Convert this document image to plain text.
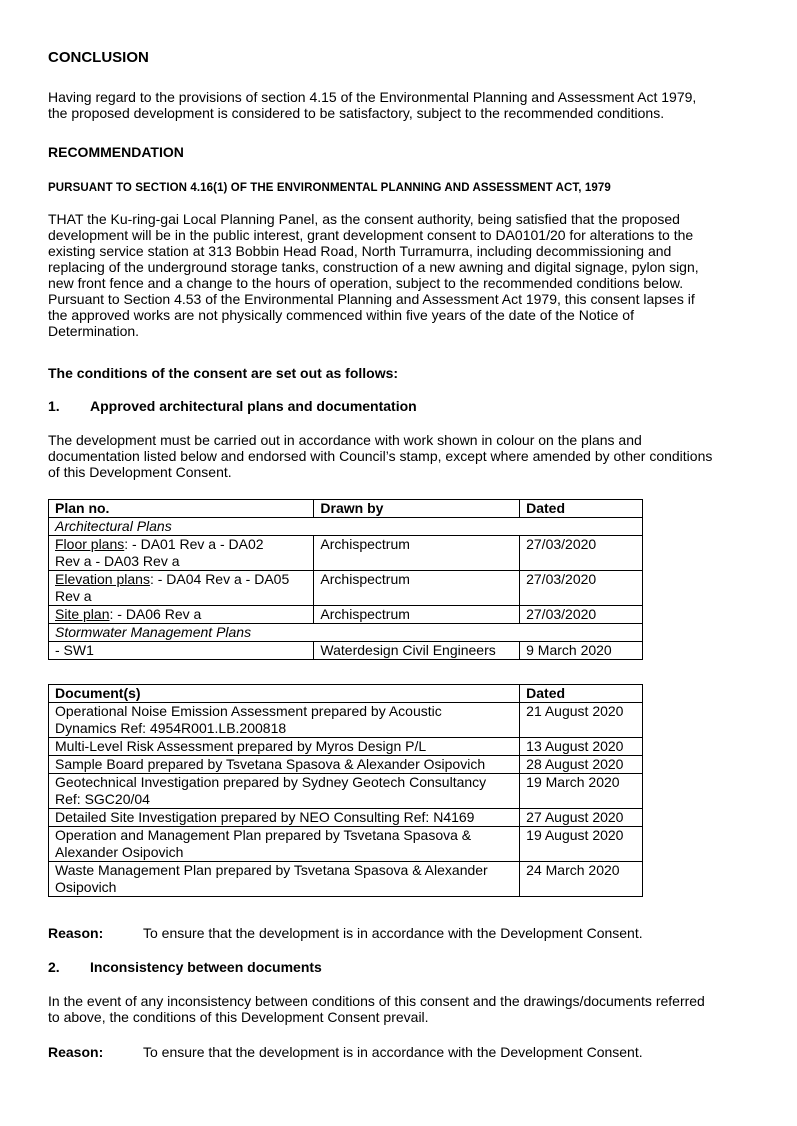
CONCLUSION
Having regard to the provisions of section 4.15 of the Environmental Planning and Assessment Act 1979,
the proposed development is considered to be satisfactory, subject to the recommended conditions.
RECOMMENDATION
PURSUANT TO SECTION 4.16(1) OF THE ENVIRONMENTAL PLANNING AND ASSESSMENT ACT, 1979
THAT the Ku-ring-gai Local Planning Panel, as the consent authority, being satisfied that the proposed
development will be in the public interest, grant development consent to DA0101/20 for alterations to the
existing service station at 313 Bobbin Head Road, North Turramurra, including decommissioning and
replacing of the underground storage tanks, construction of a new awning and digital signage, pylon sign,
new front fence and a change to the hours of operation, subject to the recommended conditions below.
Pursuant to Section 4.53 of the Environmental Planning and Assessment Act 1979, this consent lapses if
the approved works are not physically commenced within five years of the date of the Notice of
Determination.
The conditions of the consent are set out as follows:
1. Approved architectural plans and documentation
The development must be carried out in accordance with work shown in colour on the plans and
documentation listed below and endorsed with Council’s stamp, except where amended by other conditions
of this Development Consent.
Plan no.	Drawn by	Dated
Architectural Plans		
Floor plans: - DA01 Rev a - DA02
Rev a - DA03 Rev a	Archispectrum	27/03/2020
Elevation plans: - DA04 Rev a - DA05
Rev a	Archispectrum	27/03/2020
Site plan: - DA06 Rev a	Archispectrum	27/03/2020
Stormwater Management Plans		
- SW1	Waterdesign Civil Engineers	9 March 2020
Document(s)	Dated
Operational Noise Emission Assessment prepared by Acoustic
Dynamics Ref: 4954R001.LB.200818	21 August 2020
Multi-Level Risk Assessment prepared by Myros Design P/L	13 August 2020
Sample Board prepared by Tsvetana Spasova & Alexander Osipovich	28 August 2020
Geotechnical Investigation prepared by Sydney Geotech Consultancy
Ref: SGC20/04	19 March 2020
Detailed Site Investigation prepared by NEO Consulting Ref: N4169	27 August 2020
Operation and Management Plan prepared by Tsvetana Spasova &
Alexander Osipovich	19 August 2020
Waste Management Plan prepared by Tsvetana Spasova & Alexander
Osipovich	24 March 2020
Reason:	To ensure that the development is in accordance with the Development Consent.
2. Inconsistency between documents
In the event of any inconsistency between conditions of this consent and the drawings/documents referred
to above, the conditions of this Development Consent prevail.
Reason:	To ensure that the development is in accordance with the Development Consent.
